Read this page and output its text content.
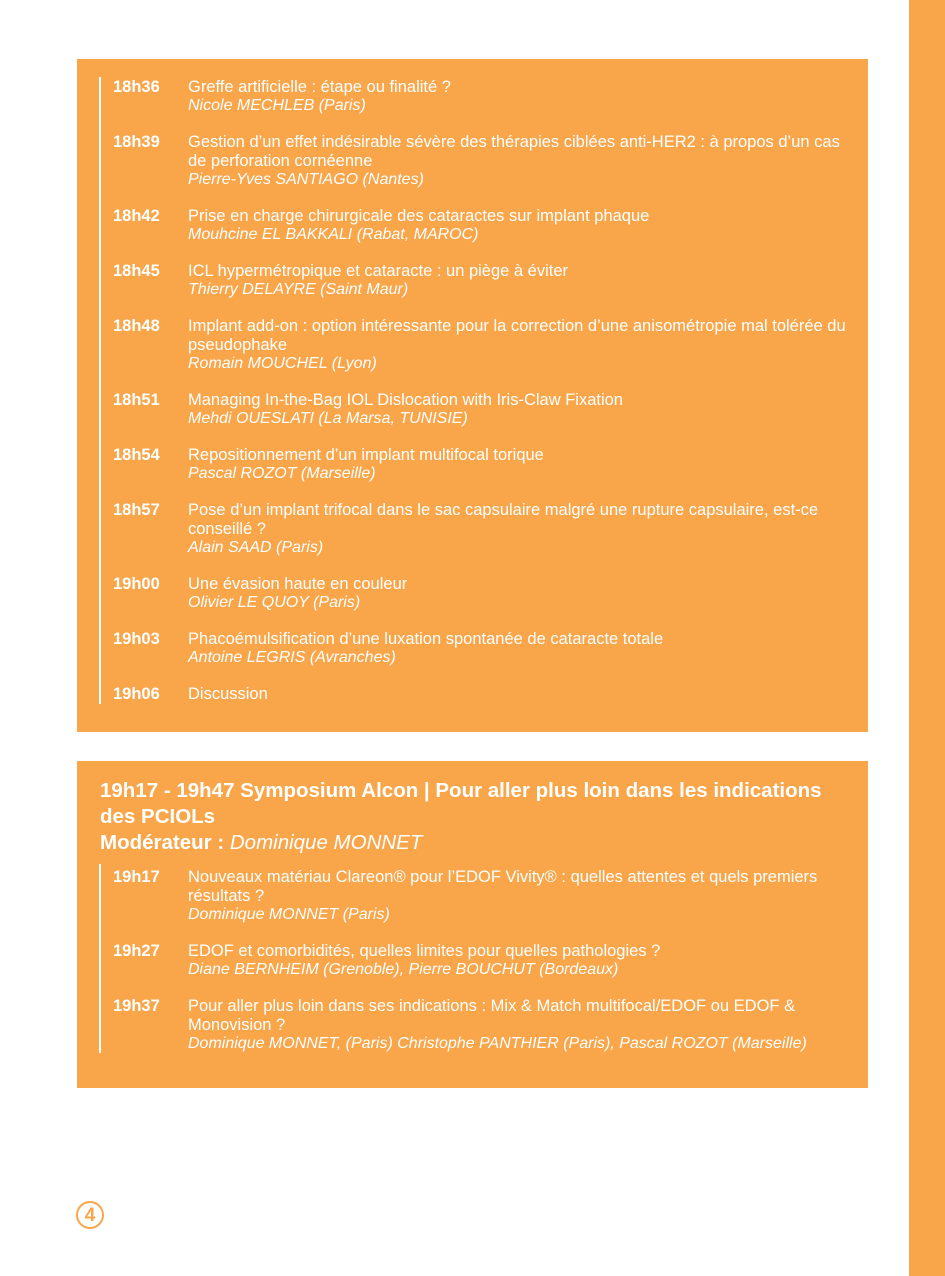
18h36	Greffe artificielle : étape ou finalité ?
Nicole MECHLEB (Paris)
18h39	Gestion d’un effet indésirable sévère des thérapies ciblées anti-HER2 : à propos d’un cas de perforation cornéenne
Pierre-Yves SANTIAGO (Nantes)
18h42	Prise en charge chirurgicale des cataractes sur implant phaque
Mouhcine EL BAKKALI (Rabat, MAROC)
18h45	ICL hypermétropique et cataracte : un piège à éviter
Thierry DELAYRE (Saint Maur)
18h48	Implant add-on : option intéressante pour la correction d’une anisométropie mal tolérée du pseudophake
Romain MOUCHEL (Lyon)
18h51	Managing In-the-Bag IOL Dislocation with Iris-Claw Fixation
Mehdi OUESLATI (La Marsa, TUNISIE)
18h54	Repositionnement d’un implant multifocal torique
Pascal ROZOT (Marseille)
18h57	Pose d’un implant trifocal dans le sac capsulaire malgré une rupture capsulaire, est-ce conseillé ?
Alain SAAD (Paris)
19h00	Une évasion haute en couleur
Olivier LE QUOY (Paris)
19h03	Phacoémulsification d’une luxation spontanée de cataracte totale
Antoine LEGRIS (Avranches)
19h06	Discussion
19h17 - 19h47 Symposium Alcon | Pour aller plus loin dans les indications des PCIOLs
Modérateur : Dominique MONNET
19h17	Nouveaux matériau Clareon® pour l’EDOF Vivity® : quelles attentes et quels premiers résultats ?
Dominique MONNET (Paris)
19h27	EDOF et comorbidités, quelles limites pour quelles pathologies ?
Diane BERNHEIM (Grenoble), Pierre BOUCHUT (Bordeaux)
19h37	Pour aller plus loin dans ses indications : Mix & Match multifocal/EDOF ou EDOF & Monovision ?
Dominique MONNET, (Paris) Christophe PANTHIER (Paris), Pascal ROZOT (Marseille)
4
